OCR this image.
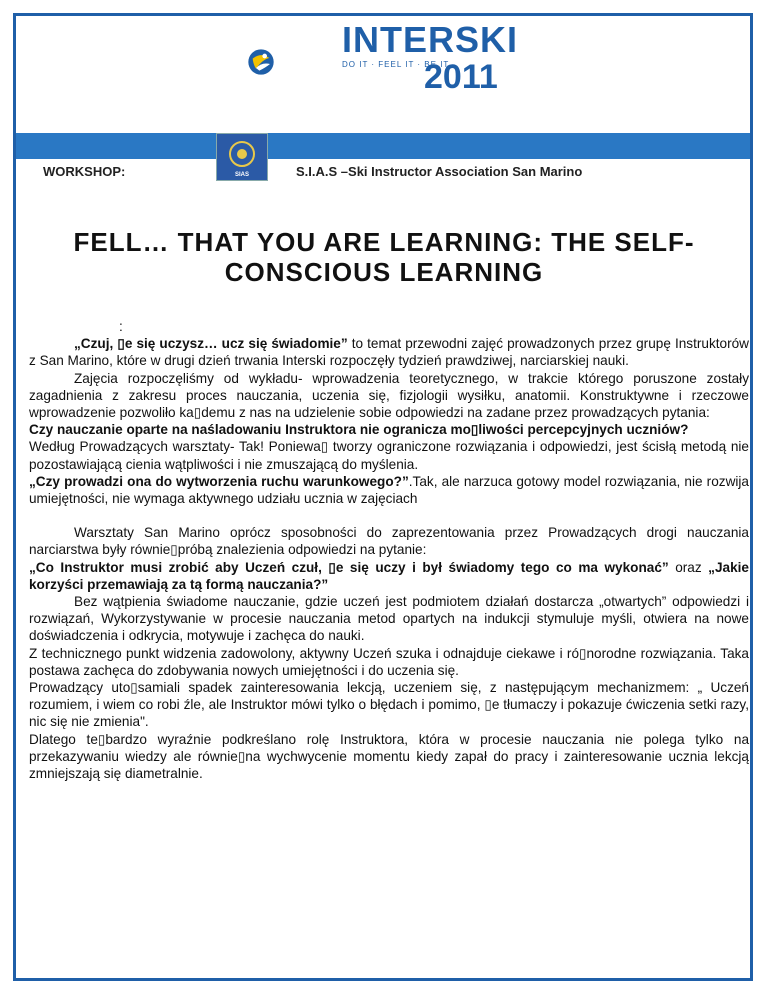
INTERSKI
DO IT · FEEL IT · BE IT
2011
SIAS
WORKSHOP:	S.I.A.S –Ski Instructor Association San Marino
FELL… THAT YOU ARE LEARNING: THE SELF-CONSCIOUS LEARNING

:

„Czuj, ▯e się uczysz… ucz się świadomie” to temat przewodni zajęć prowadzonych przez grupę Instruktorów z San Marino, które w drugi dzień trwania Interski rozpoczęły tydzień prawdziwej, narciarskiej nauki.

Zajęcia rozpoczęliśmy od wykładu- wprowadzenia teoretycznego, w trakcie którego poruszone zostały zagadnienia z zakresu proces nauczania, uczenia się, fizjologii wysiłku, anatomii. Konstruktywne i rzeczowe wprowadzenie pozwoliło ka▯demu z nas na udzielenie sobie odpowiedzi na zadane przez prowadzących pytania:

Czy nauczanie oparte na naśladowaniu Instruktora nie ogranicza mo▯liwości percepcyjnych uczniów?

Według Prowadzących warsztaty- Tak! Poniewa▯ tworzy ograniczone rozwiązania i odpowiedzi, jest ścisłą metodą nie pozostawiającą cienia wątpliwości i nie zmuszającą do myślenia.

„Czy prowadzi ona do wytworzenia ruchu warunkowego?”.Tak, ale narzuca gotowy model rozwiązania, nie rozwija umiejętności, nie wymaga aktywnego udziału ucznia w zajęciach

Warsztaty San Marino oprócz sposobności do zaprezentowania przez Prowadzących drogi nauczania narciarstwa były równie▯próbą znalezienia odpowiedzi na pytanie:

„Co Instruktor musi zrobić aby Uczeń czuł, ▯e się uczy i był świadomy tego co ma wykonać” oraz „Jakie korzyści przemawiają za tą formą nauczania?”

Bez wątpienia świadome nauczanie, gdzie uczeń jest podmiotem działań dostarcza „otwartych” odpowiedzi i rozwiązań, Wykorzystywanie w procesie nauczania metod opartych na indukcji stymuluje myśli, otwiera na nowe doświadczenia i odkrycia, motywuje i zachęca do nauki.

Z technicznego punkt widzenia zadowolony, aktywny Uczeń szuka i odnajduje ciekawe i ró▯norodne rozwiązania. Taka postawa zachęca do zdobywania nowych umiejętności i do uczenia się.

Prowadzący uto▯samiali spadek zainteresowania lekcją, uczeniem się, z następującym mechanizmem: „ Uczeń rozumiem, i wiem co robi źle, ale Instruktor mówi tylko o błędach i pomimo, ▯e tłumaczy i pokazuje ćwiczenia setki razy, nic się nie zmienia".

Dlatego te▯bardzo wyraźnie podkreślano rolę Instruktora, która w procesie nauczania nie polega tylko na przekazywaniu wiedzy ale równie▯na wychwycenie momentu kiedy zapał do pracy i zainteresowanie ucznia lekcją zmniejszają się diametralnie.
